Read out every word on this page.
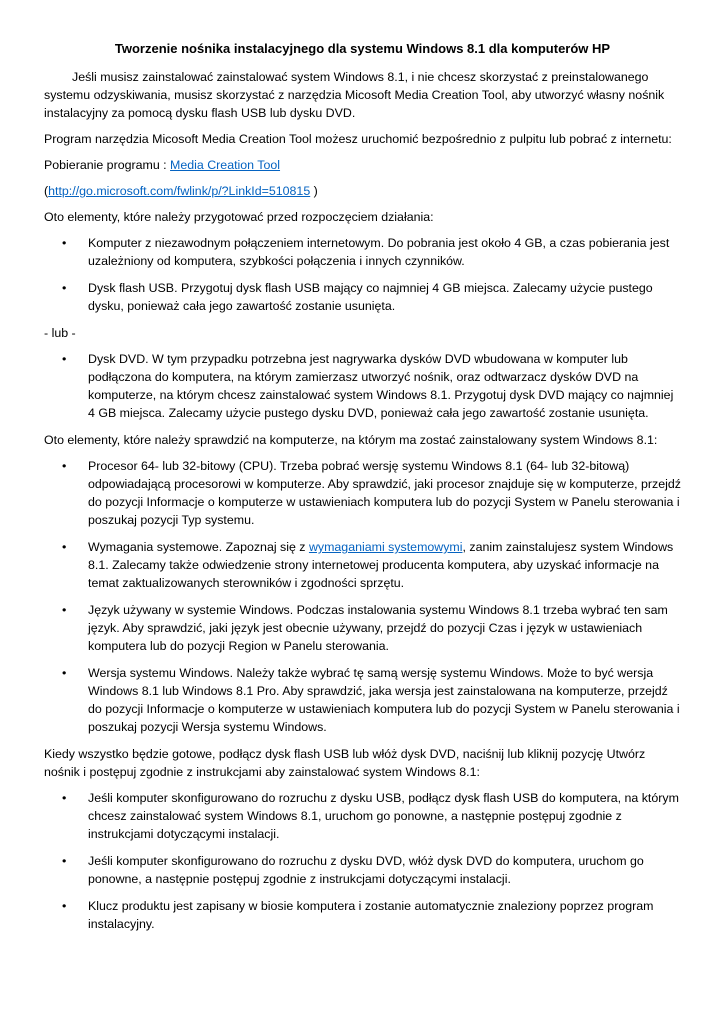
Tworzenie nośnika instalacyjnego dla systemu Windows 8.1 dla komputerów HP

Jeśli musisz zainstalować zainstalować system Windows 8.1, i nie chcesz skorzystać z preinstalowanego systemu odzyskiwania, musisz skorzystać z narzędzia Micosoft Media Creation Tool, aby utworzyć własny nośnik instalacyjny za pomocą dysku flash USB lub dysku DVD.

Program narzędzia Micosoft Media Creation Tool możesz uruchomić bezpośrednio z pulpitu lub pobrać z internetu:

Pobieranie programu : Media Creation Tool

(http://go.microsoft.com/fwlink/p/?LinkId=510815 )

Oto elementy, które należy przygotować przed rozpoczęciem działania:

• Komputer z niezawodnym połączeniem internetowym. Do pobrania jest około 4 GB, a czas pobierania jest uzależniony od komputera, szybkości połączenia i innych czynników.
• Dysk flash USB. Przygotuj dysk flash USB mający co najmniej 4 GB miejsca. Zalecamy użycie pustego dysku, ponieważ cała jego zawartość zostanie usunięta.

- lub -

• Dysk DVD. W tym przypadku potrzebna jest nagrywarka dysków DVD wbudowana w komputer lub podłączona do komputera, na którym zamierzasz utworzyć nośnik, oraz odtwarzacz dysków DVD na komputerze, na którym chcesz zainstalować system Windows 8.1. Przygotuj dysk DVD mający co najmniej 4 GB miejsca. Zalecamy użycie pustego dysku DVD, ponieważ cała jego zawartość zostanie usunięta.

Oto elementy, które należy sprawdzić na komputerze, na którym ma zostać zainstalowany system Windows 8.1:

• Procesor 64- lub 32-bitowy (CPU). Trzeba pobrać wersję systemu Windows 8.1 (64- lub 32-bitową) odpowiadającą procesorowi w komputerze. Aby sprawdzić, jaki procesor znajduje się w komputerze, przejdź do pozycji Informacje o komputerze w ustawieniach komputera lub do pozycji System w Panelu sterowania i poszukaj pozycji Typ systemu.
• Wymagania systemowe. Zapoznaj się z wymaganiami systemowymi, zanim zainstalujesz system Windows 8.1. Zalecamy także odwiedzenie strony internetowej producenta komputera, aby uzyskać informacje na temat zaktualizowanych sterowników i zgodności sprzętu.
• Język używany w systemie Windows. Podczas instalowania systemu Windows 8.1 trzeba wybrać ten sam język. Aby sprawdzić, jaki język jest obecnie używany, przejdź do pozycji Czas i język w ustawieniach komputera lub do pozycji Region w Panelu sterowania.
• Wersja systemu Windows. Należy także wybrać tę samą wersję systemu Windows. Może to być wersja Windows 8.1 lub Windows 8.1 Pro. Aby sprawdzić, jaka wersja jest zainstalowana na komputerze, przejdź do pozycji Informacje o komputerze w ustawieniach komputera lub do pozycji System w Panelu sterowania i poszukaj pozycji Wersja systemu Windows.

Kiedy wszystko będzie gotowe, podłącz dysk flash USB lub włóż dysk DVD, naciśnij lub kliknij pozycję Utwórz nośnik i postępuj zgodnie z instrukcjami aby zainstalować system Windows 8.1:

• Jeśli komputer skonfigurowano do rozruchu z dysku USB, podłącz dysk flash USB do komputera, na którym chcesz zainstalować system Windows 8.1, uruchom go ponowne, a następnie postępuj zgodnie z instrukcjami dotyczącymi instalacji.
• Jeśli komputer skonfigurowano do rozruchu z dysku DVD, włóż dysk DVD do komputera, uruchom go ponowne, a następnie postępuj zgodnie z instrukcjami dotyczącymi instalacji.
• Klucz produktu jest zapisany w biosie komputera i zostanie automatycznie znaleziony poprzez program instalacyjny.
